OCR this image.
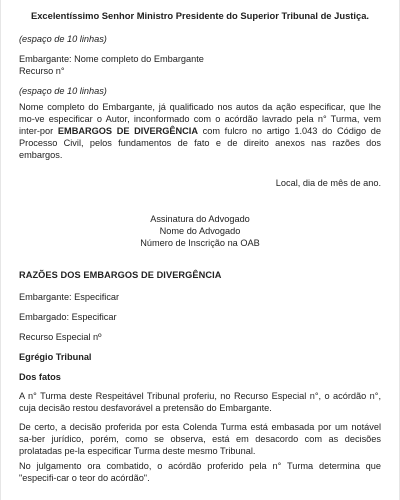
Excelentíssimo Senhor Ministro Presidente do Superior Tribunal de Justiça.

(espaço de 10 linhas)

Embargante: Nome completo do Embargante

Recurso n°

(espaço de 10 linhas)

Nome completo do Embargante, já qualificado nos autos da ação especificar, que lhe mo-ve especificar o Autor, inconformado com o acórdão lavrado pela n° Turma, vem inter-por EMBARGOS DE DIVERGÊNCIA com fulcro no artigo 1.043 do Código de Processo Civil, pelos fundamentos de fato e de direito anexos nas razões dos embargos.

Local, dia de mês de ano.

Assinatura do Advogado
Nome do Advogado
Número de Inscrição na OAB

RAZÕES DOS EMBARGOS DE DIVERGÊNCIA

Embargante: Especificar

Embargado: Especificar

Recurso Especial nº

Egrégio Tribunal

Dos fatos

A n° Turma deste Respeitável Tribunal proferiu, no Recurso Especial n°, o acórdão n°, cuja decisão restou desfavorável a pretensão do Embargante.

De certo, a decisão proferida por esta Colenda Turma está embasada por um notável sa-ber jurídico, porém, como se observa, está em desacordo com as decisões prolatadas pe-la especificar Turma deste mesmo Tribunal.

No julgamento ora combatido, o acórdão proferido pela n° Turma determina que "especifi-car o teor do acórdão".
